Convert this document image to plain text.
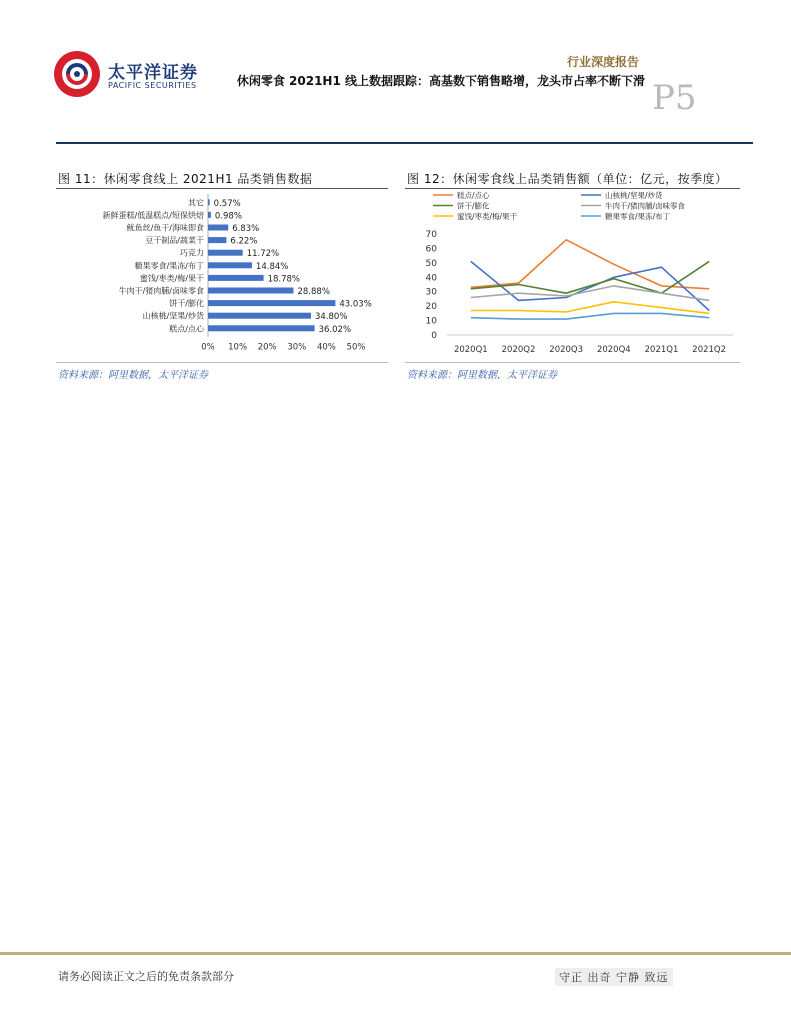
太平洋证券
PACIFIC SECURITIES
行业深度报告
休闲零食 2021H1 线上数据跟踪：高基数下销售略增，龙头市占率不断下滑 P5
图 11：休闲零食线上 2021H1 品类销售数据
其它 0.57%
新鲜蛋糕/低温糕点/短保烘焙 0.98%
鱿鱼丝/鱼干/海味即食	6.83%
豆干制品/蔬菜干	6.22%
巧克力	11.72%
糖果零食/果冻/布丁	14.84%
蜜饯/枣类/梅/果干	18.78%
牛肉干/猪肉脯/卤味零食	28.88%
饼干/膨化	43.03%
山核桃/坚果/炒货	34.80%
糕点/点心	36.02%
0% 10% 20% 30% 40% 50%
资料来源：阿里数据，太平洋证券
图 12：休闲零食线上品类销售额（单位：亿元，按季度）
糕点/点心	山核桃/坚果/炒货
饼干/膨化	牛肉干/猪肉脯/卤味零食
蜜饯/枣类/梅/果干	糖果零食/果冻/布丁
0
10
20
30
40
50
60
70
2020Q1 2020Q2 2020Q3 2020Q4 2021Q1 2021Q2
资料来源：阿里数据，太平洋证券
请务必阅读正文之后的免责条款部分	守正 出奇 宁静 致远
